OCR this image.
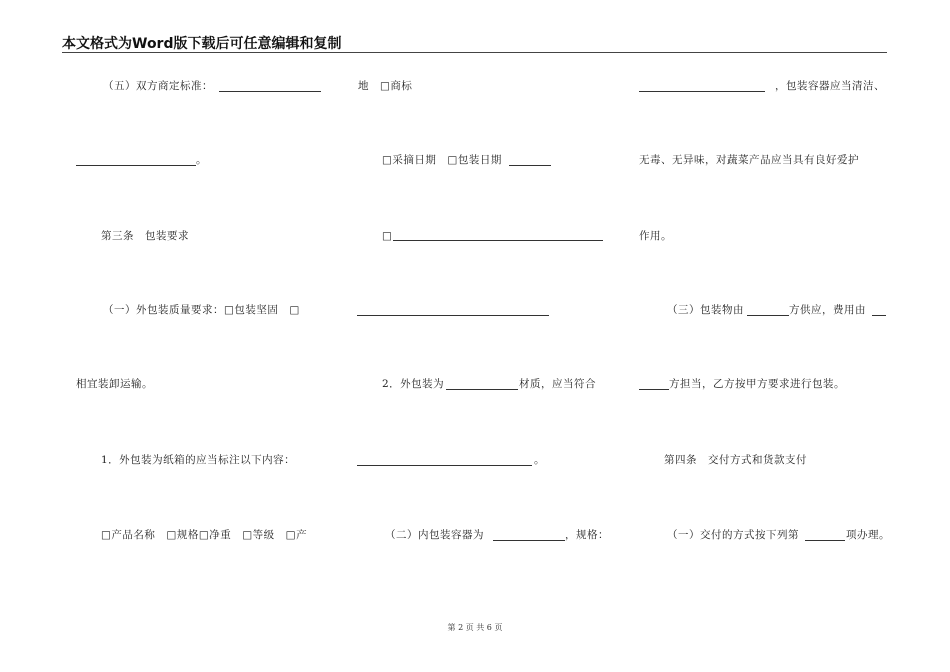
本文格式为Word版下载后可任意编辑和复制
（五）双方商定标准：
。
第三条　包装要求
（一）外包装质量要求：□包装坚固　□
相宜装卸运输。
1．外包装为纸箱的应当标注以下内容：
□产品名称　□规格□净重　□等级　□产
地　□商标
□采摘日期　□包装日期
□
2．外包装为	材质，应当符合
。
（二）内包装容器为	，规格：
，包装容器应当清洁、
无毒、无异味，对蔬菜产品应当具有良好爱护
作用。
（三）包装物由	方供应，费用由
方担当，乙方按甲方要求进行包装。
第四条　交付方式和货款支付
（一）交付的方式按下列第	项办理。
第 2 页 共 6 页
